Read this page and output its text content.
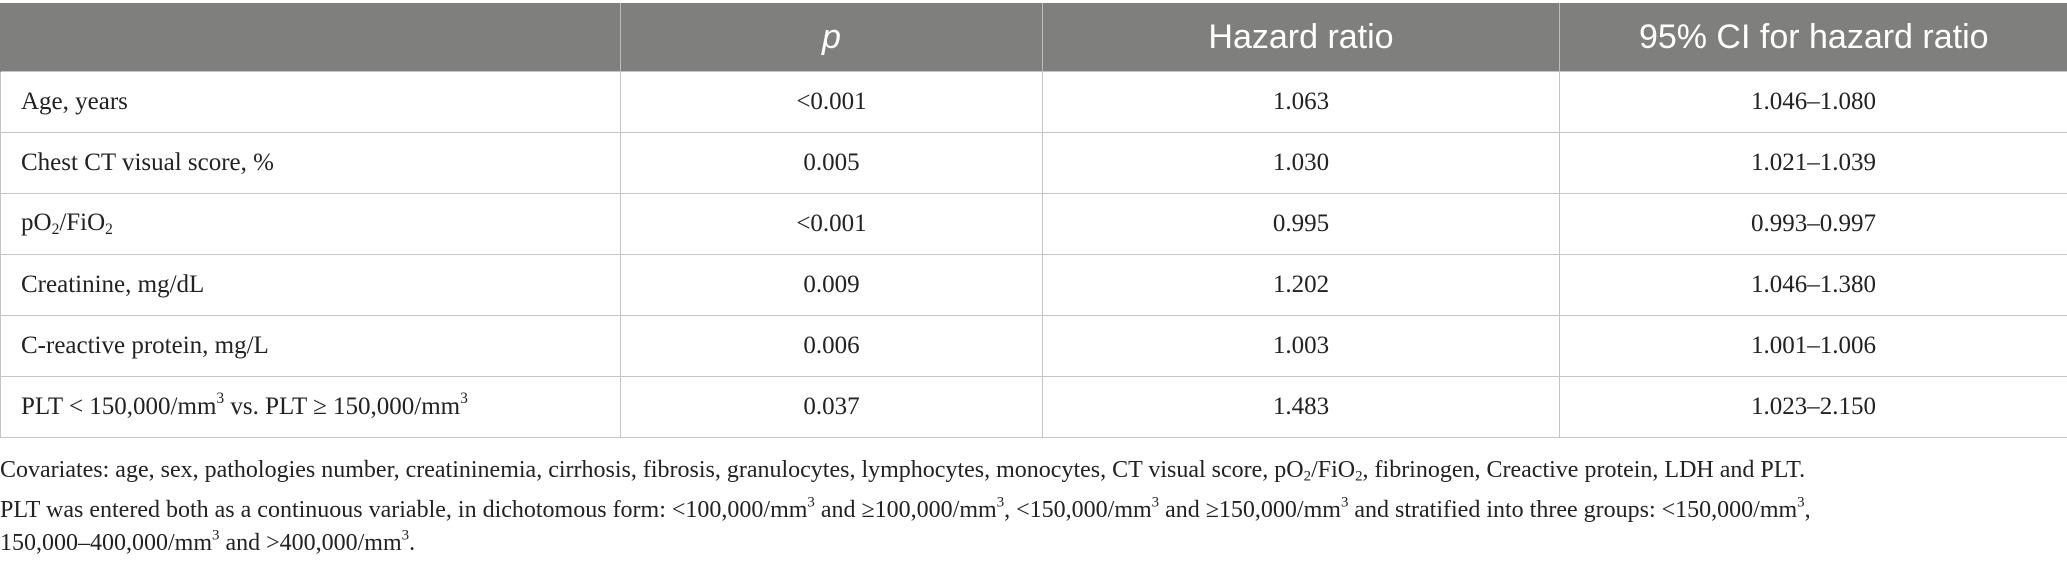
	p	Hazard ratio	95% CI for hazard ratio
Age, years	<0.001	1.063	1.046–1.080
Chest CT visual score, %	0.005	1.030	1.021–1.039
$pO_2/FiO_2$	<0.001	0.995	0.993–0.997
Creatinine, mg/dL	0.009	1.202	1.046–1.380
C-reactive protein, mg/L	0.006	1.003	1.001–1.006
PLT < $150,000/mm^3$ vs. PLT ≥ $150,000/mm^3$	0.037	1.483	1.023–2.150

Covariates: age, sex, pathologies number, creatininemia, cirrhosis, fibrosis, granulocytes, lymphocytes, monocytes, CT visual score, $pO_2/FiO_2$, fibrinogen, Creactive protein, LDH and PLT.

PLT was entered both as a continuous variable, in dichotomous form: $<100,000/mm^3$ and $\ge 100,000/mm^3$, $<150,000/mm^3$ and $\ge 150,000/mm^3$ and stratified into three groups: $<150,000/mm^3$,

$150,000-400,000/mm^3$ and $>400,000/mm^3$.
